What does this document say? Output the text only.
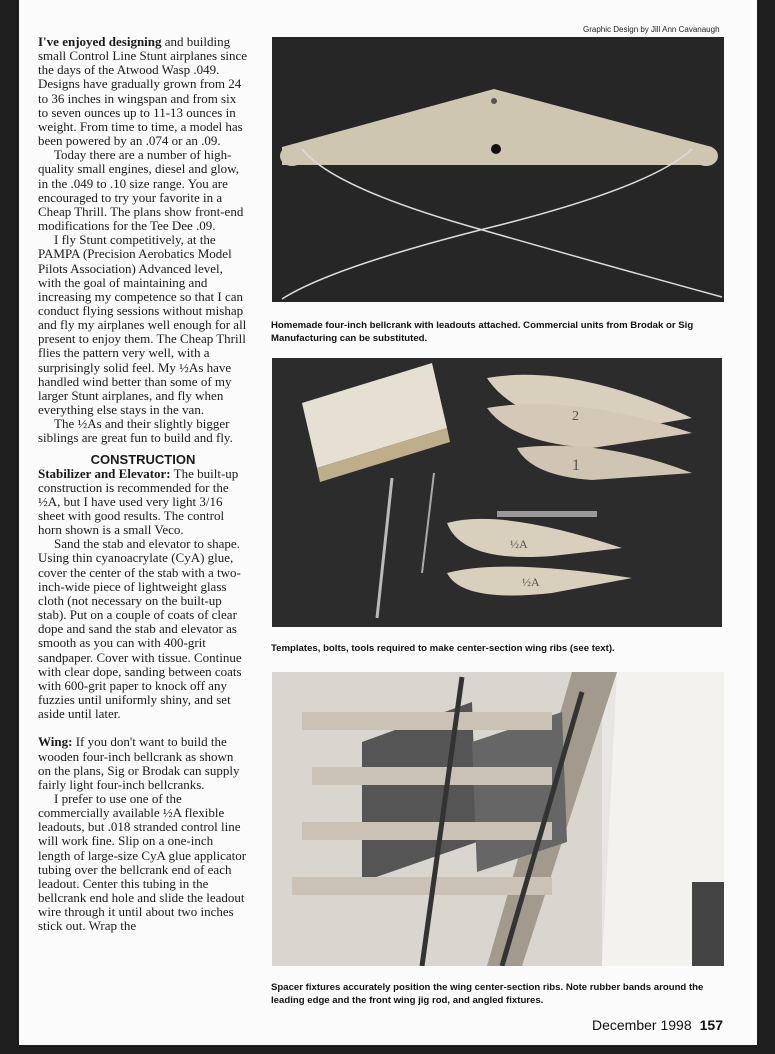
Graphic Design by Jill Ann Cavanaugh

I've enjoyed designing and building small Control Line Stunt airplanes since the days of the Atwood Wasp .049. Designs have gradually grown from 24 to 36 inches in wingspan and from six to seven ounces up to 11-13 ounces in weight. From time to time, a model has been powered by an .074 or an .09.

Today there are a number of high-quality small engines, diesel and glow, in the .049 to .10 size range. You are encouraged to try your favorite in a Cheap Thrill. The plans show front-end modifications for the Tee Dee .09.

I fly Stunt competitively, at the PAMPA (Precision Aerobatics Model Pilots Association) Advanced level, with the goal of maintaining and increasing my competence so that I can conduct flying sessions without mishap and fly my airplanes well enough for all present to enjoy them. The Cheap Thrill flies the pattern very well, with a surprisingly solid feel. My ½As have handled wind better than some of my larger Stunt airplanes, and fly when everything else stays in the van.

The ½As and their slightly bigger siblings are great fun to build and fly.

CONSTRUCTION

Stabilizer and Elevator: The built-up construction is recommended for the ½A, but I have used very light 3/16 sheet with good results. The control horn shown is a small Veco.

Sand the stab and elevator to shape. Using thin cyanoacrylate (CyA) glue, cover the center of the stab with a two-inch-wide piece of lightweight glass cloth (not necessary on the built-up stab). Put on a couple of coats of clear dope and sand the stab and elevator as smooth as you can with 400-grit sandpaper. Cover with tissue. Continue with clear dope, sanding between coats with 600-grit paper to knock off any fuzzies until uniformly shiny, and set aside until later.

Wing: If you don't want to build the wooden four-inch bellcrank as shown on the plans, Sig or Brodak can supply fairly light four-inch bellcranks.

I prefer to use one of the commercially available ½A flexible leadouts, but .018 stranded control line will work fine. Slip on a one-inch length of large-size CyA glue applicator tubing over the bellcrank end of each leadout. Center this tubing in the bellcrank end hole and slide the leadout wire through it until about two inches stick out. Wrap the

Homemade four-inch bellcrank with leadouts attached. Commercial units from Brodak or Sig Manufacturing can be substituted.
2
1
½A
½A
Templates, bolts, tools required to make center-section wing ribs (see text).
Spacer fixtures accurately position the wing center-section ribs. Note rubber bands around the leading edge and the front wing jig rod, and angled fixtures.
December 1998 157
